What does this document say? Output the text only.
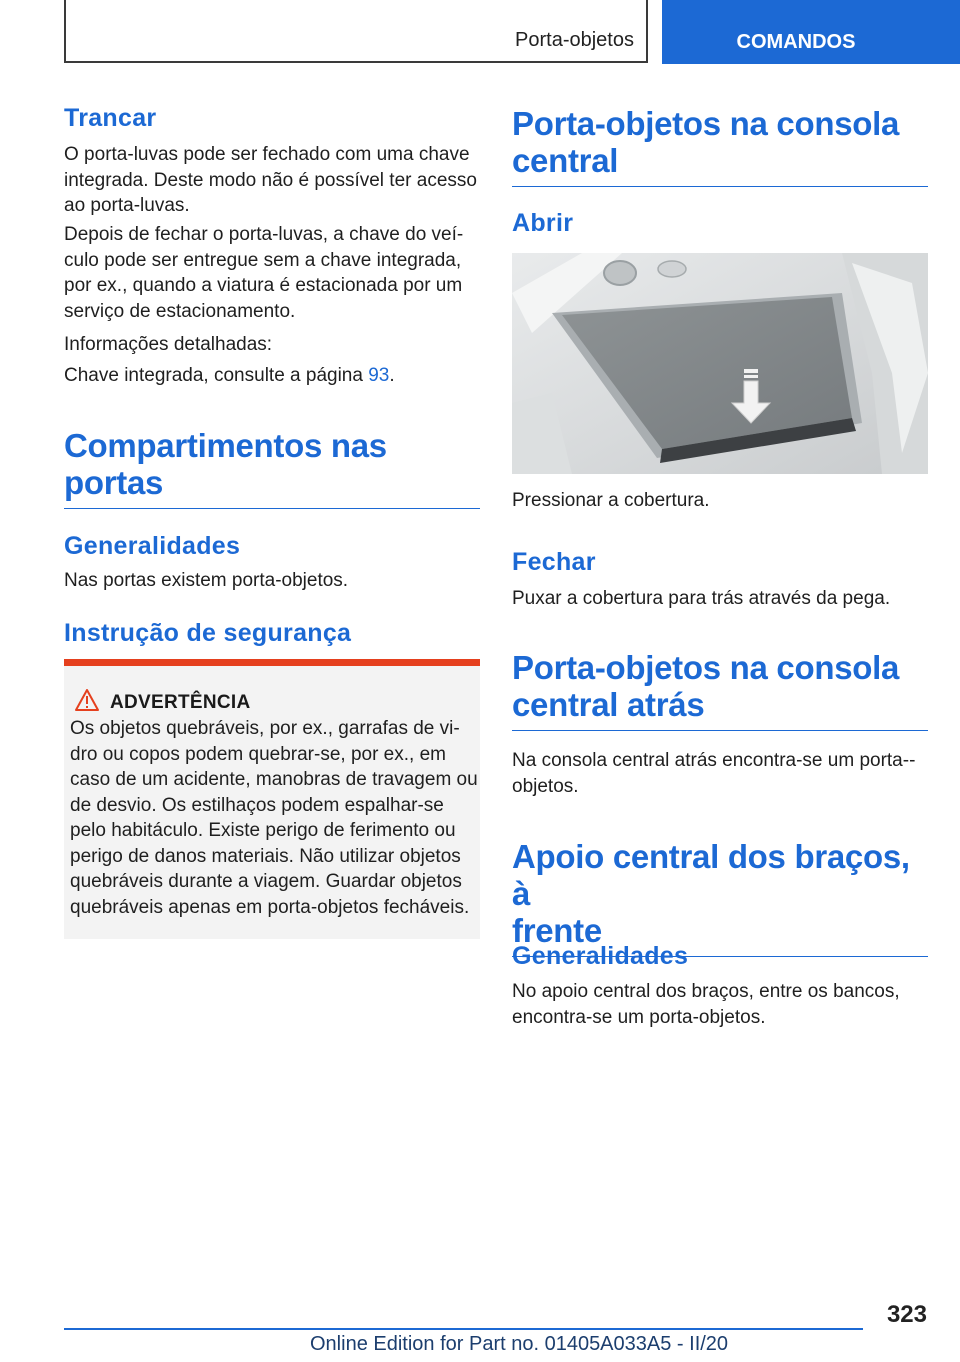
Porta-objetos	COMANDOS
Trancar
O porta-luvas pode ser fechado com uma chave integrada. Deste modo não é possível ter acesso ao porta-luvas.
Depois de fechar o porta-luvas, a chave do veí-culo pode ser entregue sem a chave integrada, por ex., quando a viatura é estacionada por um serviço de estacionamento.
Informações detalhadas:
Chave integrada, consulte a página 93.
Compartimentos nas
portas
Generalidades
Nas portas existem porta-objetos.
Instrução de segurança
ADVERTÊNCIA
Os objetos quebráveis, por ex., garrafas de vi-dro ou copos podem quebrar-se, por ex., em caso de um acidente, manobras de travagem ou de desvio. Os estilhaços podem espalhar-se pelo habitáculo. Existe perigo de ferimento ou perigo de danos materiais. Não utilizar objetos quebráveis durante a viagem. Guardar objetos quebráveis apenas em porta-objetos fecháveis.
Porta-objetos na consola
central
Abrir
Pressionar a cobertura.
Fechar
Puxar a cobertura para trás através da pega.
Porta-objetos na consola
central atrás
Na consola central atrás encontra-se um porta--objetos.
Apoio central dos braços, à
frente
Generalidades
No apoio central dos braços, entre os bancos, encontra-se um porta-objetos.
323
Online Edition for Part no. 01405A033A5 - II/20
